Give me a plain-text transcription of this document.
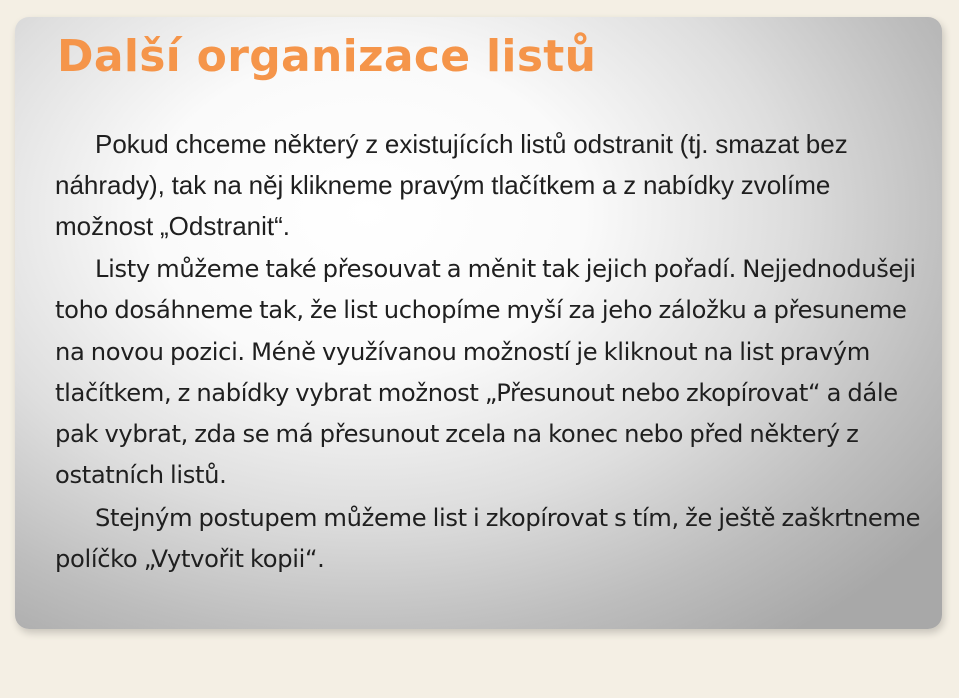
Další organizace listů

Pokud chceme některý z existujících listů odstranit (tj. smazat bez náhrady), tak na něj klikneme pravým tlačítkem a z nabídky zvolíme možnost „Odstranit“.

Listy můžeme také přesouvat a měnit tak jejich pořadí. Nejjednodušeji toho dosáhneme tak, že list uchopíme myší za jeho záložku a přesuneme na novou pozici. Méně využívanou možností je kliknout na list pravým tlačítkem, z nabídky vybrat možnost „Přesunout nebo zkopírovat“ a dále pak vybrat, zda se má přesunout zcela na konec nebo před některý z ostatních listů.

Stejným postupem můžeme list i zkopírovat s tím, že ještě zaškrtneme políčko „Vytvořit kopii“.
